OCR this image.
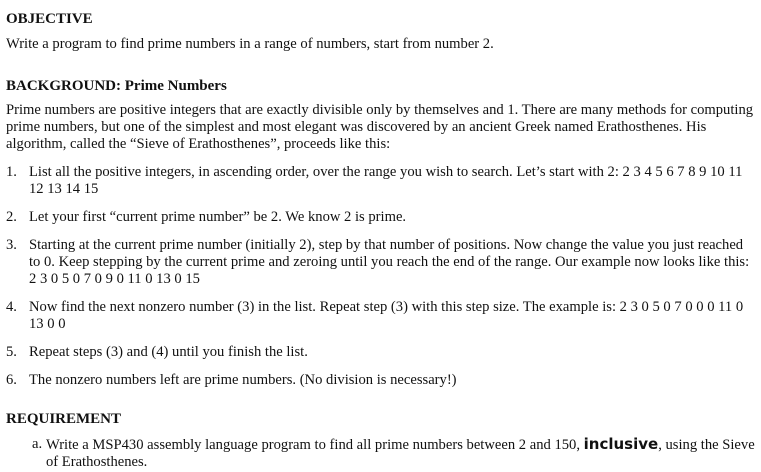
OBJECTIVE

Write a program to find prime numbers in a range of numbers, start from number 2.

BACKGROUND: Prime Numbers

Prime numbers are positive integers that are exactly divisible only by themselves and 1. There are many methods for computing prime numbers, but one of the simplest and most elegant was discovered by an ancient Greek named Erathosthenes. His algorithm, called the “Sieve of Erathosthenes”, proceeds like this:

1. List all the positive integers, in ascending order, over the range you wish to search. Let’s start with 2: 2 3 4 5 6 7 8 9 10 11 12 13 14 15
2. Let your first “current prime number” be 2. We know 2 is prime.
3. Starting at the current prime number (initially 2), step by that number of positions. Now change the value you just reached to 0. Keep stepping by the current prime and zeroing until you reach the end of the range. Our example now looks like this: 2 3 0 5 0 7 0 9 0 11 0 13 0 15
4. Now find the next nonzero number (3) in the list. Repeat step (3) with this step size. The example is: 2 3 0 5 0 7 0 0 0 11 0 13 0 0
5. Repeat steps (3) and (4) until you finish the list.
6. The nonzero numbers left are prime numbers. (No division is necessary!)
REQUIREMENT
a. Write a MSP430 assembly language program to find all prime numbers between 2 and 150, inclusive, using the Sieve of Erathosthenes.
